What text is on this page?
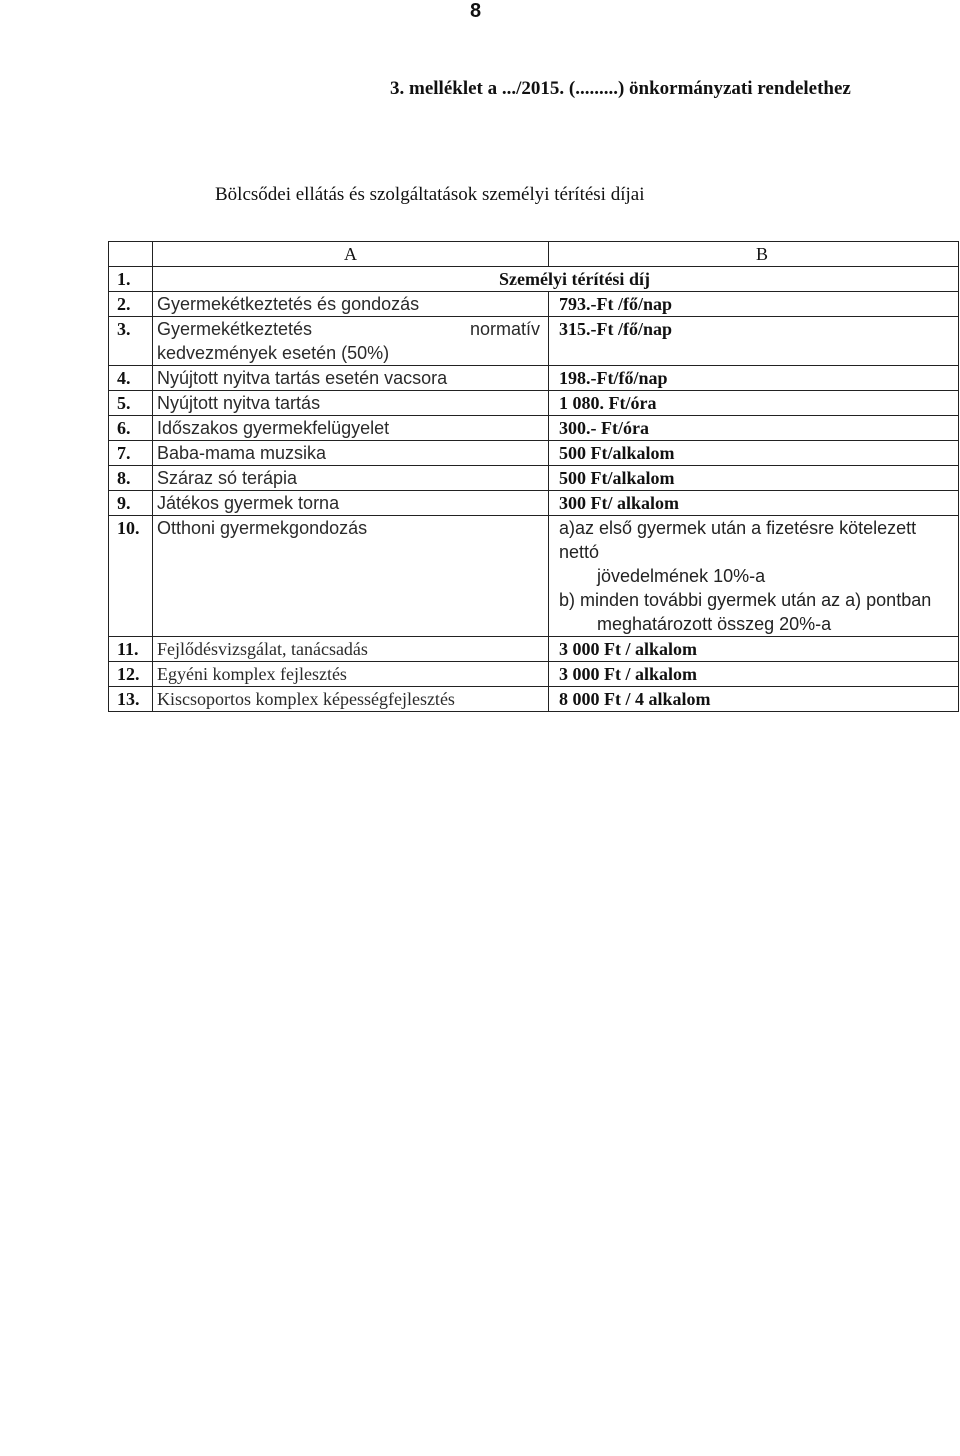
8
3. melléklet a .../2015. (.........) önkormányzati rendelethez
Bölcsődei ellátás és szolgáltatások személyi térítési díjai
	A	B
1.	Személyi térítési díj	
2.	Gyermekétkeztetés és gondozás	793.-Ft /fő/nap
3.	Gyermekétkeztetés normatív
kedvezmények esetén (50%)	315.-Ft /fő/nap
4.	Nyújtott nyitva tartás esetén vacsora	198.-Ft/fő/nap
5.	Nyújtott nyitva tartás	1 080. Ft/óra
6.	Időszakos gyermekfelügyelet	300.- Ft/óra
7.	Baba-mama muzsika	500 Ft/alkalom
8.	Száraz só terápia	500 Ft/alkalom
9.	Játékos gyermek torna	300 Ft/ alkalom
10.	Otthoni gyermekgondozás	a)az első gyermek után a fizetésre kötelezett nettó
jövedelmének 10%-a
b) minden további gyermek után az a) pontban
meghatározott összeg 20%-a

11.	Fejlődésvizsgálat, tanácsadás	3 000 Ft / alkalom
12.	Egyéni komplex fejlesztés	3 000 Ft / alkalom
13.	Kiscsoportos komplex képességfejlesztés	8 000 Ft / 4 alkalom
